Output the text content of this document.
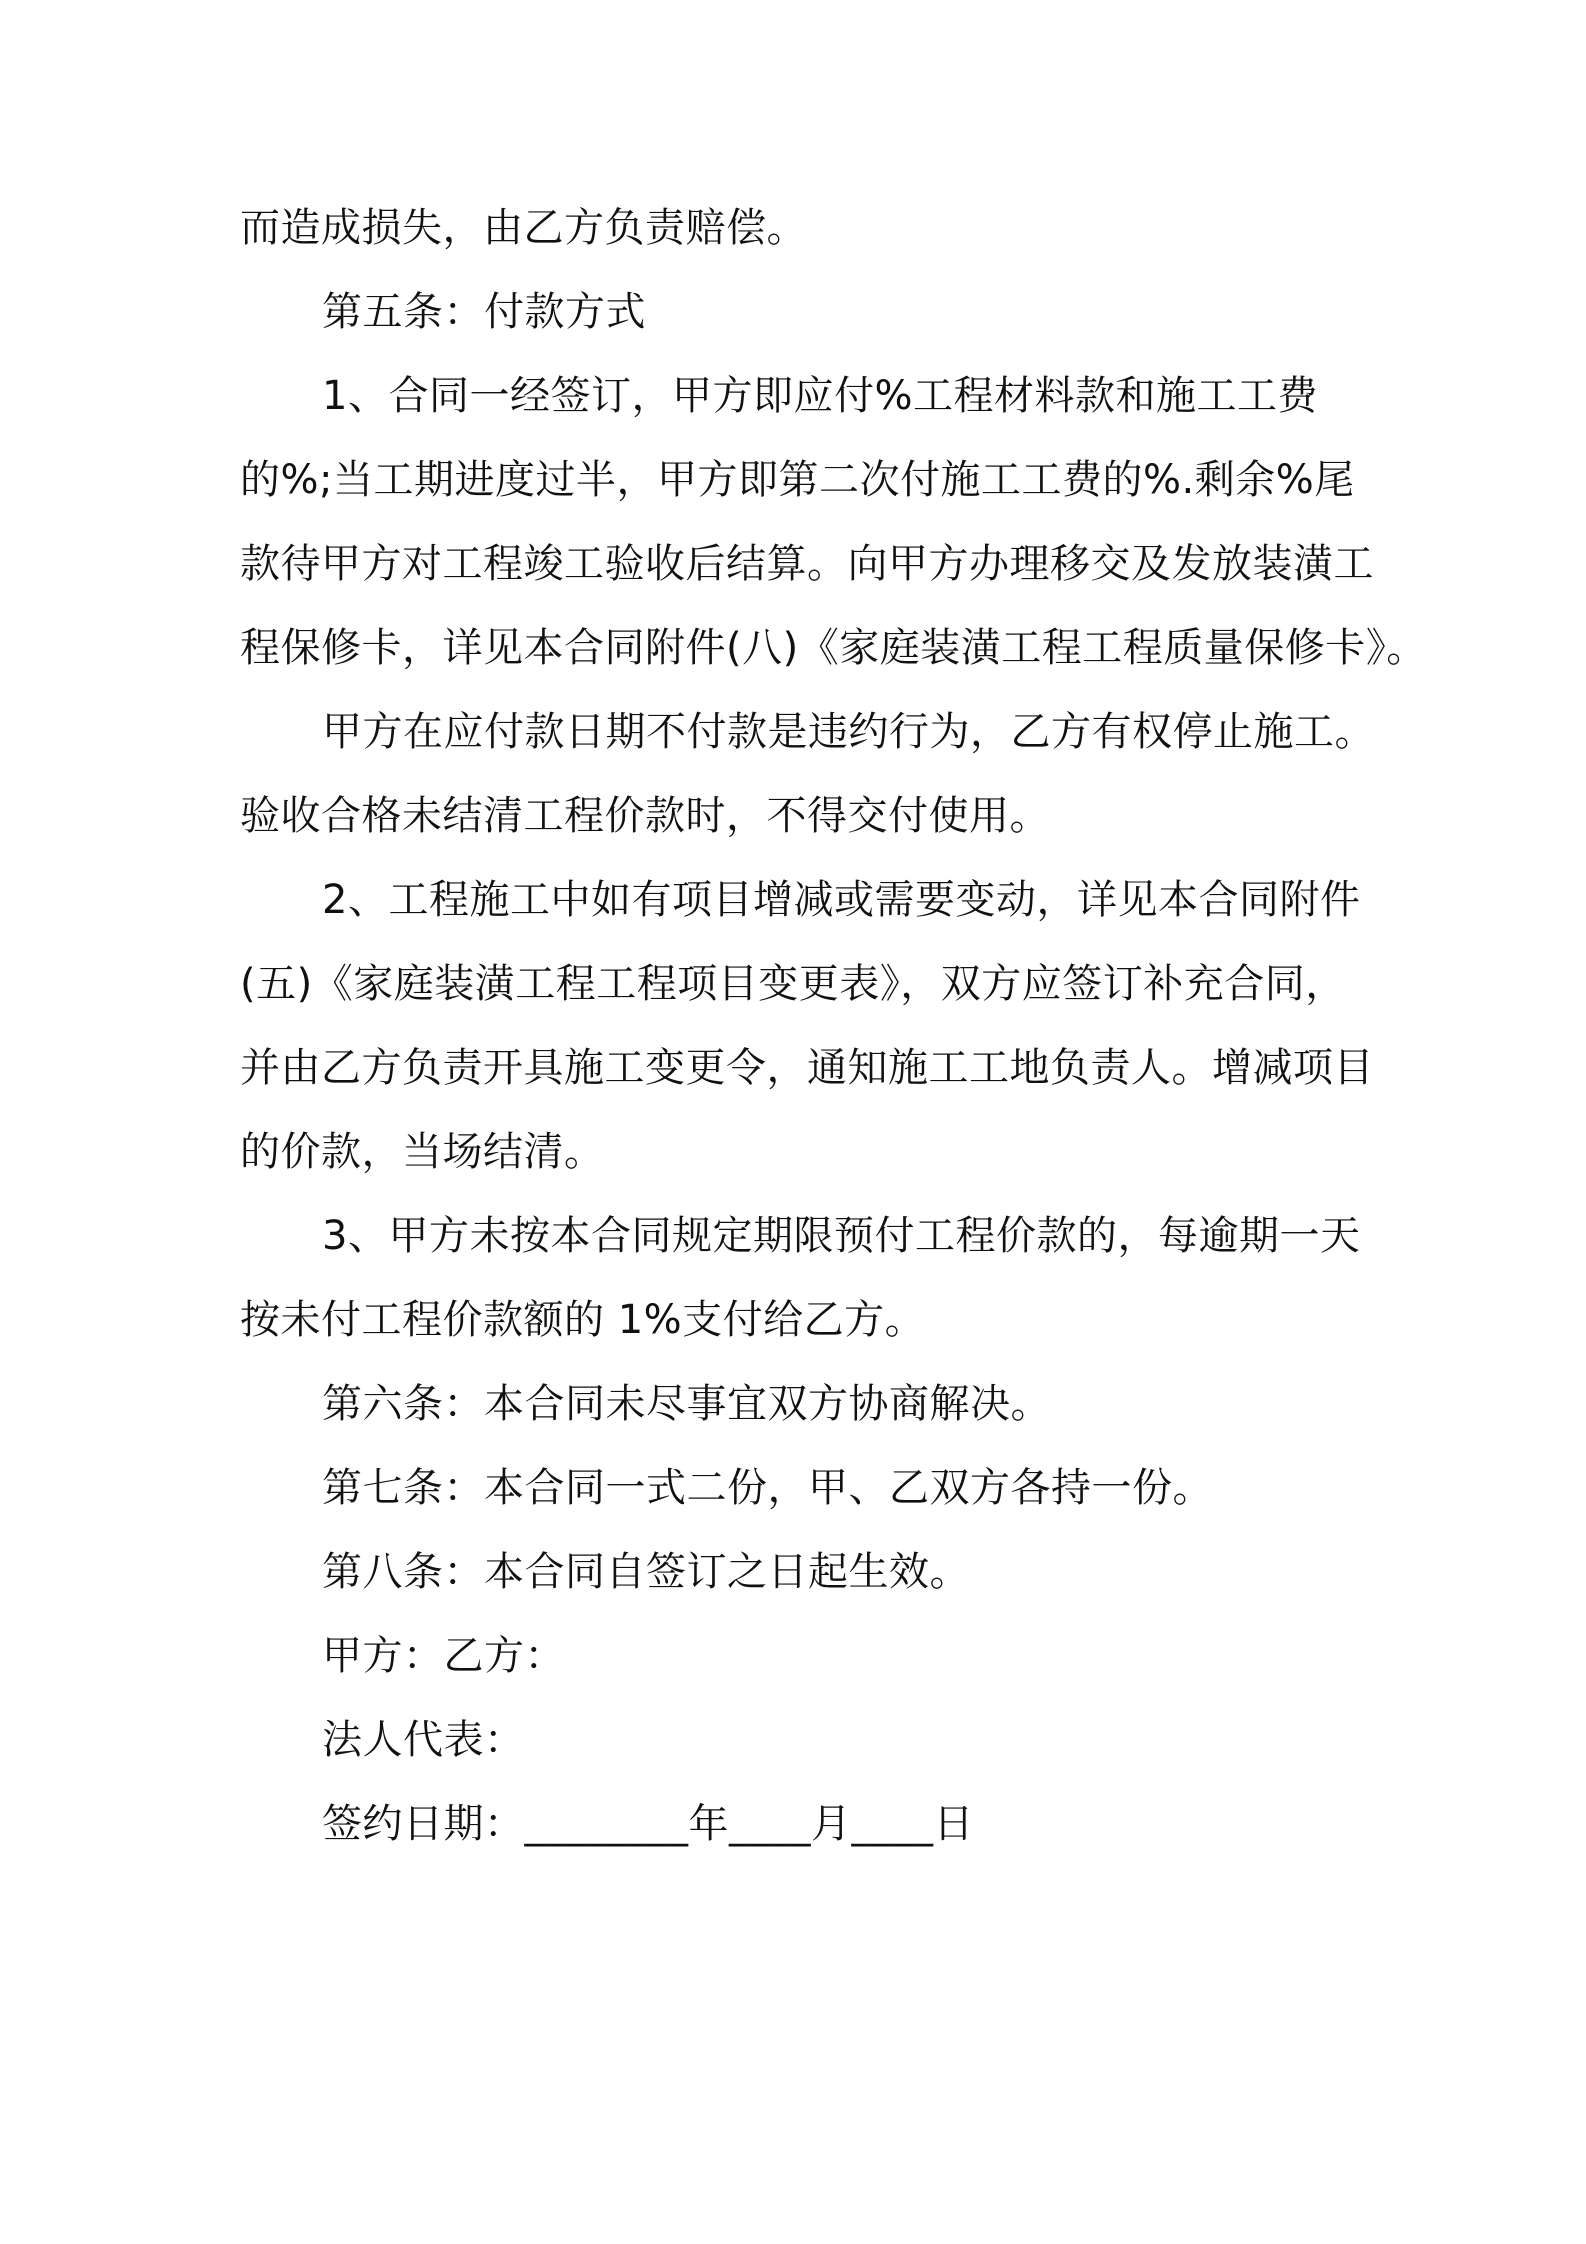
而造成损失，由乙方负责赔偿。
第五条：付款方式
1、合同一经签订，甲方即应付%工程材料款和施工工费
的%;当工期进度过半，甲方即第二次付施工工费的%.剩余%尾
款待甲方对工程竣工验收后结算。向甲方办理移交及发放装潢工
程保修卡，详见本合同附件(八)《家庭装潢工程工程质量保修卡》。
甲方在应付款日期不付款是违约行为，乙方有权停止施工。
验收合格未结清工程价款时，不得交付使用。
2、工程施工中如有项目增减或需要变动，详见本合同附件
(五)《家庭装潢工程工程项目变更表》，双方应签订补充合同，
并由乙方负责开具施工变更令，通知施工工地负责人。增减项目
的价款，当场结清。
3、甲方未按本合同规定期限预付工程价款的，每逾期一天
按未付工程价款额的 1%支付给乙方。
第六条：本合同未尽事宜双方协商解决。
第七条：本合同一式二份，甲、乙双方各持一份。
第八条：本合同自签订之日起生效。
甲方：乙方：
法人代表：
签约日期：________年____月____日
